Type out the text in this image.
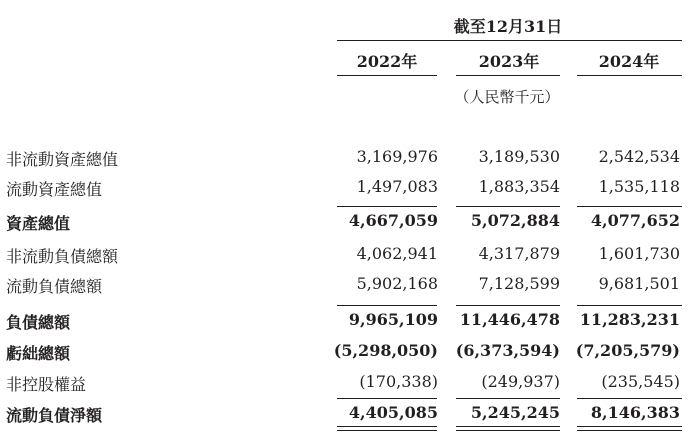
截至12月31日
2022年	2023年	2024年
（人民幣千元）
非流動資產總值	3,169,976	3,189,530 2,542,534
流動資產總值	1,497,083	1,883,354 1,535,118
資產總值	4,667,059 5,072,884 4,077,652
非流動負債總額	4,062,941	4,317,879 1,601,730
流動負債總額	5,902,168	7,128,599 9,681,501
負債總額	9,965,109 11,446,478 11,283,231
虧絀總額	(5,298,050) (6,373,594) (7,205,579)
非控股權益	(170,338)	(249,937)	(235,545)
流動負債淨額	4,405,085 5,245,245 8,146,383
